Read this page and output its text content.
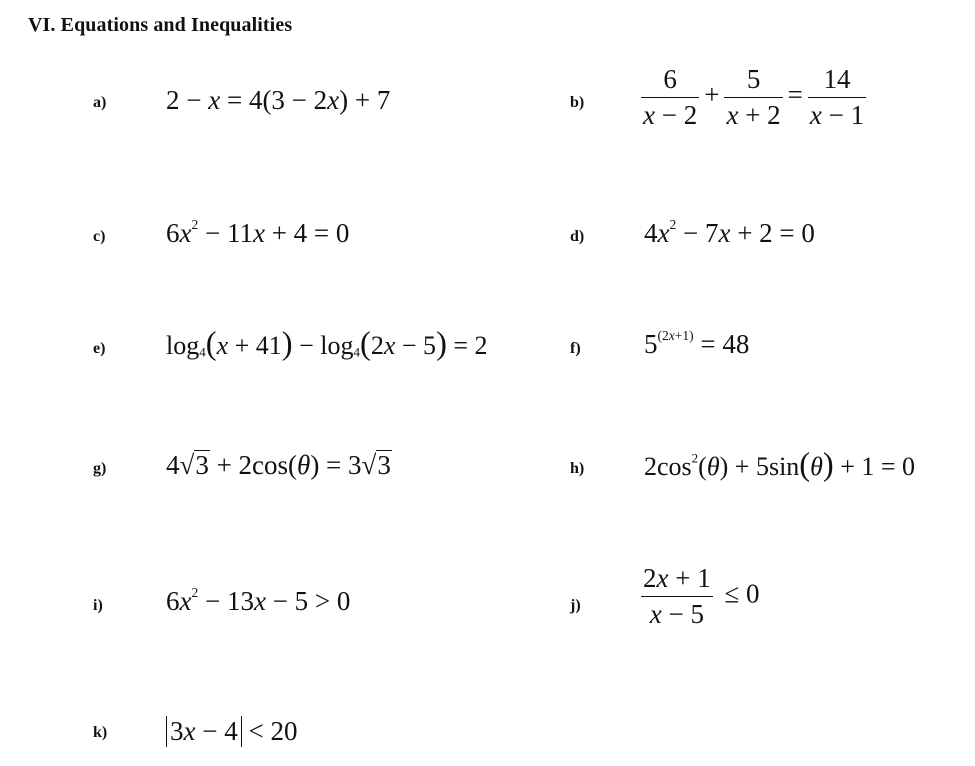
VI. Equations and Inequalities
a) 2 − x = 4(3 − 2x) + 7	$b) \frac{6}{x - 2} + \frac{5}{x + 2} = \frac{14}{x - 1}$
c) $6x^2 - 11x + 4 = 0$	d) $4x^2 - 7x + 2 = 0$
e) $\log_4(x + 41) - \log_4(2x - 5) = 2$	f) $5^{(2x+1)} = 48$
g) 4√3 + 2cos(θ) = 3√3	h) $2\cos^2(\theta) + 5\sin(\theta) + 1 = 0$
i) $6x^2 - 13x - 5 > 0$	$j) \frac{2x + 1}{x - 5} \le 0$
k) 3x − 4 < 20
